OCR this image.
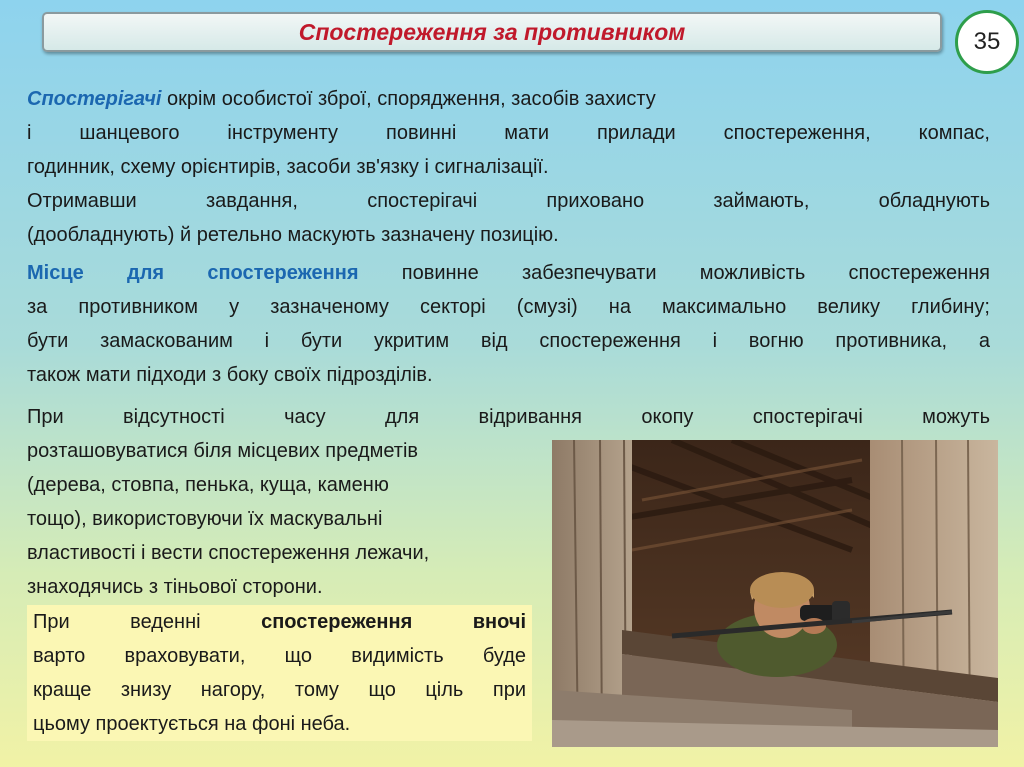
Спостереження за противником	35
Спостерігачі окрім особистої зброї, спорядження, засобів захисту
і шанцевого інструменту повинні мати прилади спостереження, компас,
годинник, схему орієнтирів, засоби зв'язку і сигналізації.
Отримавши завдання, спостерігачі приховано займають, обладнують
(дообладнують) й ретельно маскують зазначену позицію.
Місце для спостереження повинне забезпечувати можливість спостереження
за противником у зазначеному секторі (смузі) на максимально велику глибину;
бути замаскованим і бути укритим від спостереження і вогню противника, а
також мати підходи з боку своїх підрозділів.
При відсутності часу для відривання окопу спостерігачі можуть
розташовуватися біля місцевих предметів
(дерева, стовпа, пенька, куща, каменю
тощо), використовуючи їх маскувальні
властивості і вести спостереження лежачи,
знаходячись з тіньової сторони.
При веденні спостереження вночі
варто враховувати, що видимість буде
краще знизу нагору, тому що ціль при
цьому проектується на фоні неба.
